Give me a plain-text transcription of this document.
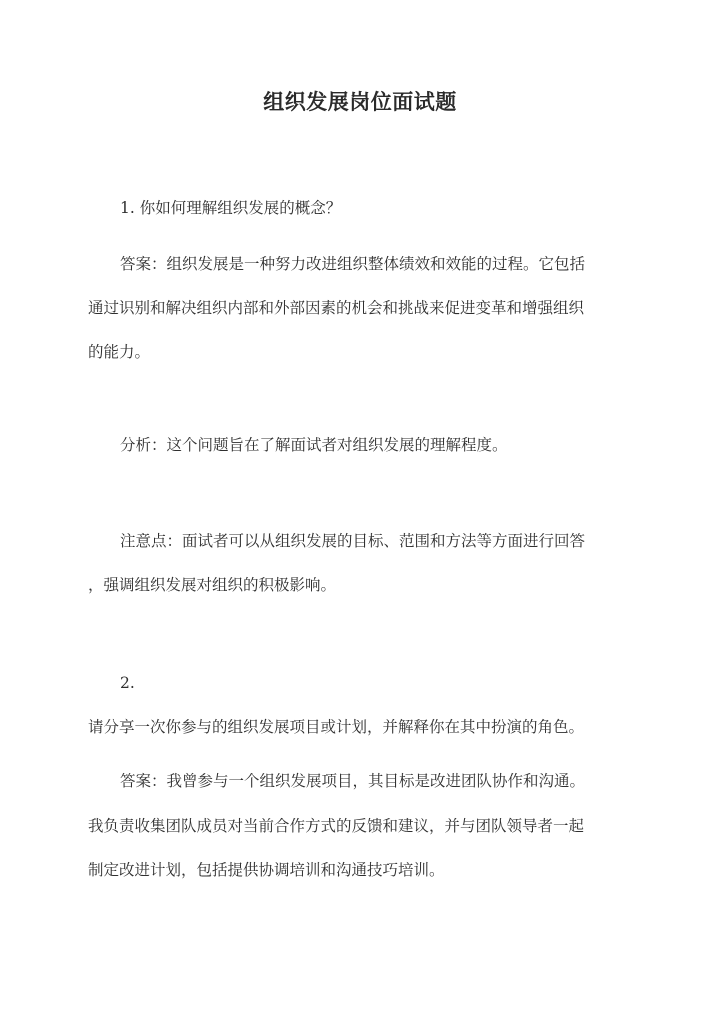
组织发展岗位面试题
1. 你如何理解组织发展的概念？
答案：组织发展是一种努力改进组织整体绩效和效能的过程。它包括
通过识别和解决组织内部和外部因素的机会和挑战来促进变革和增强组织
的能力。
分析：这个问题旨在了解面试者对组织发展的理解程度。
注意点：面试者可以从组织发展的目标、范围和方法等方面进行回答
，强调组织发展对组织的积极影响。
2.
请分享一次你参与的组织发展项目或计划，并解释你在其中扮演的角色。
答案：我曾参与一个组织发展项目，其目标是改进团队协作和沟通。
我负责收集团队成员对当前合作方式的反馈和建议，并与团队领导者一起
制定改进计划，包括提供协调培训和沟通技巧培训。
